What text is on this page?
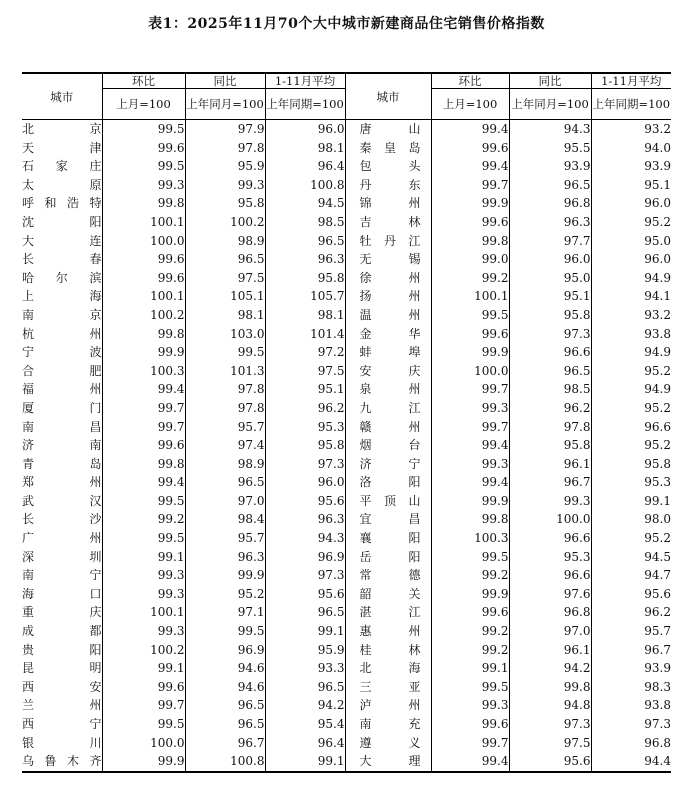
表1：2025年11月70个大中城市新建商品住宅销售价格指数
城市	环比	同比	1-11月平均	城市	环比	同比	1-11月平均
	上月=100	上年同月=100	上年同期=100		上月=100	上年同月=100	上年同期=100
北　京	99.5	97.9	96.0	唐　山	99.4	94.3	93.2
天　津	99.6	97.8	98.1	秦皇岛	99.6	95.5	94.0
石家庄	99.5	95.9	96.4	包　头	99.4	93.9	93.9
太　原	99.3	99.3	100.8	丹　东	99.7	96.5	95.1
呼和浩特	99.8	95.8	94.5	锦　州	99.9	96.8	96.0
沈　阳	100.1	100.2	98.5	吉　林	99.6	96.3	95.2
大　连	100.0	98.9	96.5	牡丹江	99.8	97.7	95.0
长　春	99.6	96.5	96.3	无　锡	99.0	96.0	96.0
哈尔滨	99.6	97.5	95.8	徐　州	99.2	95.0	94.9
上　海	100.1	105.1	105.7	扬　州	100.1	95.1	94.1
南　京	100.2	98.1	98.1	温　州	99.5	95.8	93.2
杭　州	99.8	103.0	101.4	金　华	99.6	97.3	93.8
宁　波	99.9	99.5	97.2	蚌　埠	99.9	96.6	94.9
合　肥	100.3	101.3	97.5	安　庆	100.0	96.5	95.2
福　州	99.4	97.8	95.1	泉　州	99.7	98.5	94.9
厦　门	99.7	97.8	96.2	九　江	99.3	96.2	95.2
南　昌	99.7	95.7	95.3	赣　州	99.7	97.8	96.6
济　南	99.6	97.4	95.8	烟　台	99.4	95.8	95.2
青　岛	99.8	98.9	97.3	济　宁	99.3	96.1	95.8
郑　州	99.4	96.5	96.0	洛　阳	99.4	96.7	95.3
武　汉	99.5	97.0	95.6	平顶山	99.9	99.3	99.1
长　沙	99.2	98.4	96.3	宜　昌	99.8	100.0	98.0
广　州	99.5	95.7	94.3	襄　阳	100.3	96.6	95.2
深　圳	99.1	96.3	96.9	岳　阳	99.5	95.3	94.5
南　宁	99.3	99.9	97.3	常　德	99.2	96.6	94.7
海　口	99.3	95.2	95.6	韶　关	99.9	97.6	95.6
重　庆	100.1	97.1	96.5	湛　江	99.6	96.8	96.2
成　都	99.3	99.5	99.1	惠　州	99.2	97.0	95.7
贵　阳	100.2	96.9	95.9	桂　林	99.2	96.1	96.7
昆　明	99.1	94.6	93.3	北　海	99.1	94.2	93.9
西　安	99.6	94.6	96.5	三　亚	99.5	99.8	98.3
兰　州	99.7	96.5	94.2	泸　州	99.3	94.8	93.8
西　宁	99.5	96.5	95.4	南　充	99.6	97.3	97.3
银　川	100.0	96.7	96.4	遵　义	99.7	97.5	96.8
乌鲁木齐	99.9	100.8	99.1	大　理	99.4	95.6	94.4
